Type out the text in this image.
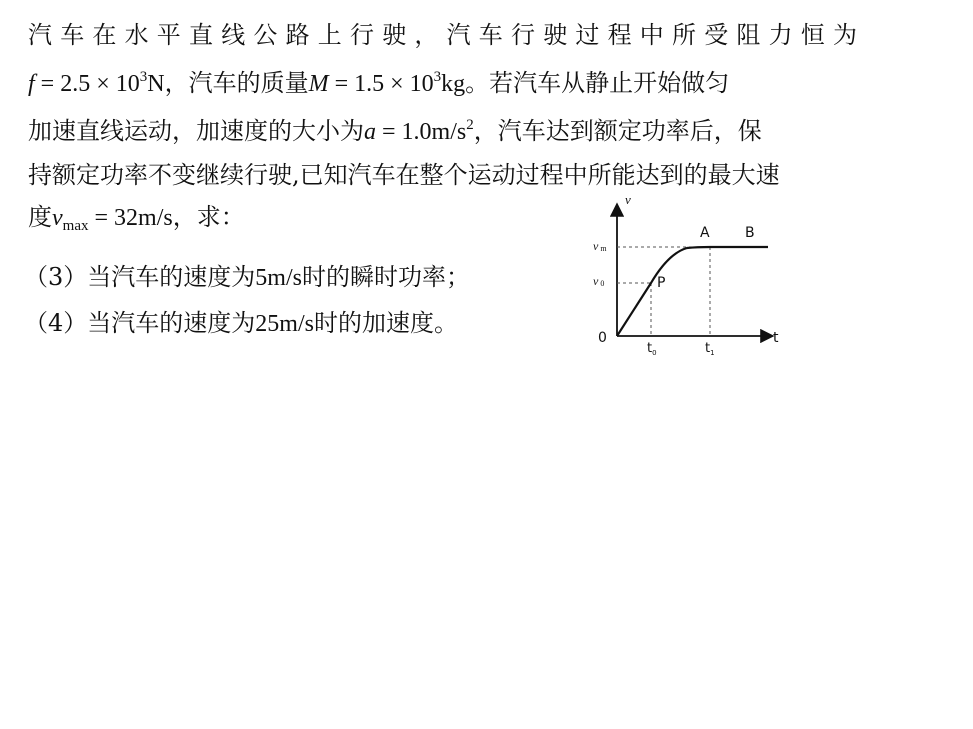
汽车在水平直线公路上行驶，汽车行驶过程中所受阻力恒为
$f = 2.5 \times 10^3N$，汽车的质量$M = 1.5 \times 10^3kg$。若汽车从静止开始做匀
加速直线运动，加速度的大小为$a = 1.0m/s^2$，汽车达到额定功率后，保
持额定功率不变继续行驶,已知汽车在整个运动过程中所能达到的最大速
度$v_{max} = 32m/s$，求：
（3）当汽车的速度为5m/s时的瞬时功率；
（4）当汽车的速度为25m/s时的加速度。
v
t
0
vm
v 0
A	B
P
$t_0$	$t_1$
